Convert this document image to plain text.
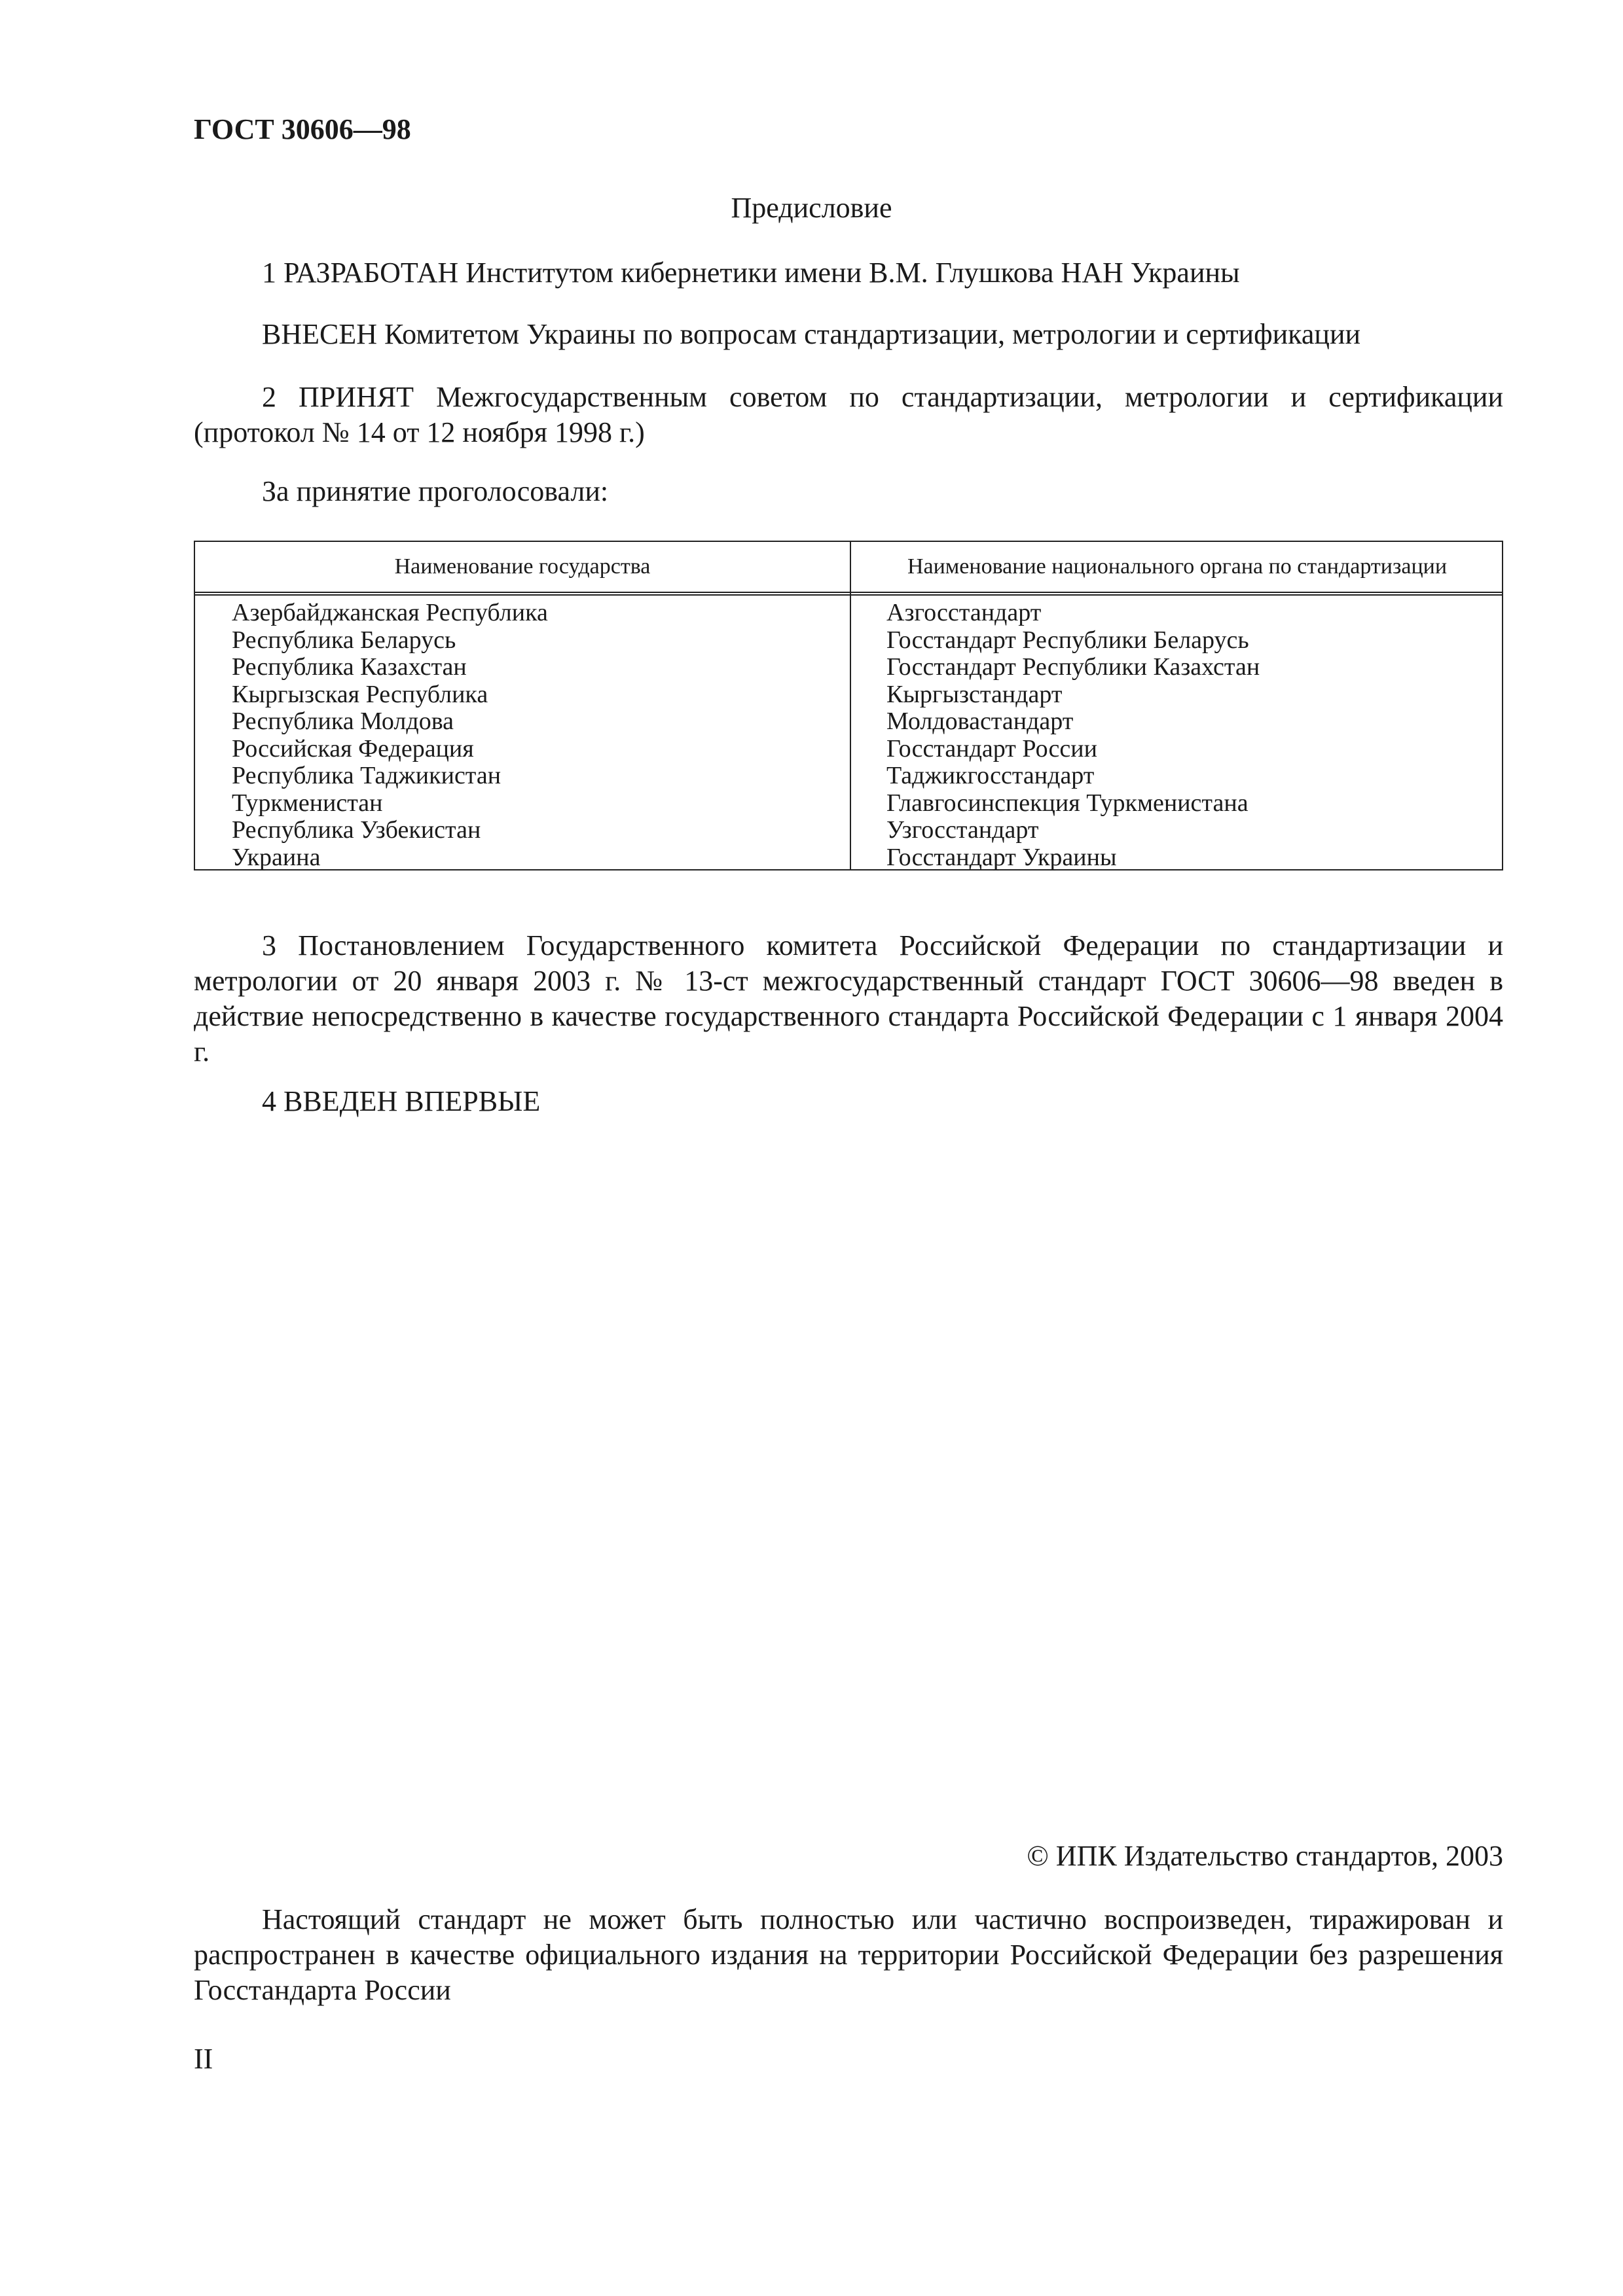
ГОСТ 30606—98
Предисловие
1 РАЗРАБОТАН Институтом кибернетики имени В.М. Глушкова НАН Украины
ВНЕСЕН Комитетом Украины по вопросам стандартизации, метрологии и сертификации
2 ПРИНЯТ Межгосударственным советом по стандартизации, метрологии и сертификации (протокол № 14 от 12 ноября 1998 г.)
За принятие проголосовали:
Наименование государства	Наименование национального органа по стандартизации
Азербайджанская Республика
Республика Беларусь
Республика Казахстан
Кыргызская Республика
Республика Молдова
Российская Федерация
Республика Таджикистан
Туркменистан
Республика Узбекистан
Украина
Азгосстандарт
Госстандарт Республики Беларусь
Госстандарт Республики Казахстан
Кыргызстандарт
Молдовастандарт
Госстандарт России
Таджикгосстандарт
Главгосинспекция Туркменистана
Узгосстандарт
Госстандарт Украины
3 Постановлением Государственного комитета Российской Федерации по стандартизации и метрологии от 20 января 2003 г. № 13-ст межгосударственный стандарт ГОСТ 30606—98 введен в действие непосредственно в качестве государственного стандарта Российской Федерации с 1 января 2004 г.
4 ВВЕДЕН ВПЕРВЫЕ
© ИПК Издательство стандартов, 2003
Настоящий стандарт не может быть полностью или частично воспроизведен, тиражирован и распространен в качестве официального издания на территории Российской Федерации без разрешения Госстандарта России
II
